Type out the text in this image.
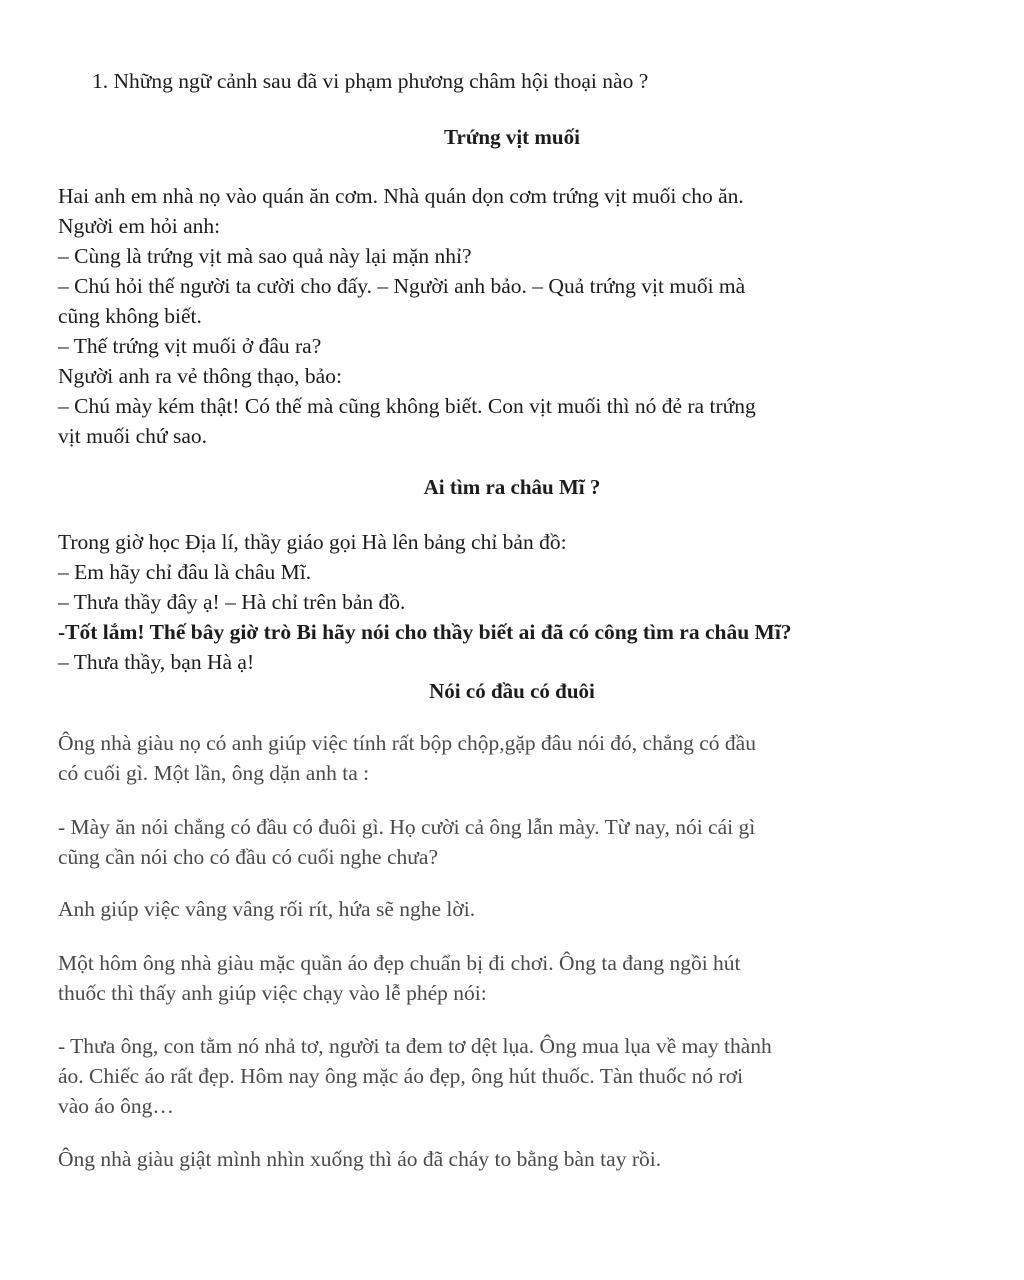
1. Những ngữ cảnh sau đã vi phạm phương châm hội thoại nào ?
Trứng vịt muối
Hai anh em nhà nọ vào quán ăn cơm. Nhà quán dọn cơm trứng vịt muối cho ăn.
Người em hỏi anh:
– Cùng là trứng vịt mà sao quả này lại mặn nhỉ?
– Chú hỏi thế người ta cười cho đấy. – Người anh bảo. – Quả trứng vịt muối mà
cũng không biết.
– Thế trứng vịt muối ở đâu ra?
Người anh ra vẻ thông thạo, bảo:
– Chú mày kém thật! Có thế mà cũng không biết. Con vịt muối thì nó đẻ ra trứng
vịt muối chứ sao.
Ai tìm ra châu Mĩ ?
Trong giờ học Địa lí, thầy giáo gọi Hà lên bảng chỉ bản đồ:
– Em hãy chỉ đâu là châu Mĩ.
– Thưa thầy đây ạ! – Hà chỉ trên bản đồ.
-Tốt lắm! Thế bây giờ trò Bi hãy nói cho thầy biết ai đã có công tìm ra châu Mĩ?
– Thưa thầy, bạn Hà ạ!
Nói có đầu có đuôi
Ông nhà giàu nọ có anh giúp việc tính rất bộp chộp,gặp đâu nói đó, chẳng có đầu
có cuối gì. Một lần, ông dặn anh ta :
- Mày ăn nói chẳng có đầu có đuôi gì. Họ cười cả ông lẫn mày. Từ nay, nói cái gì
cũng cần nói cho có đầu có cuối nghe chưa?
Anh giúp việc vâng vâng rối rít, hứa sẽ nghe lời.
Một hôm ông nhà giàu mặc quần áo đẹp chuẩn bị đi chơi. Ông ta đang ngồi hút
thuốc thì thấy anh giúp việc chạy vào lễ phép nói:
- Thưa ông, con tằm nó nhả tơ, người ta đem tơ dệt lụa. Ông mua lụa về may thành
áo. Chiếc áo rất đẹp. Hôm nay ông mặc áo đẹp, ông hút thuốc. Tàn thuốc nó rơi
vào áo ông…
Ông nhà giàu giật mình nhìn xuống thì áo đã cháy to bằng bàn tay rồi.
